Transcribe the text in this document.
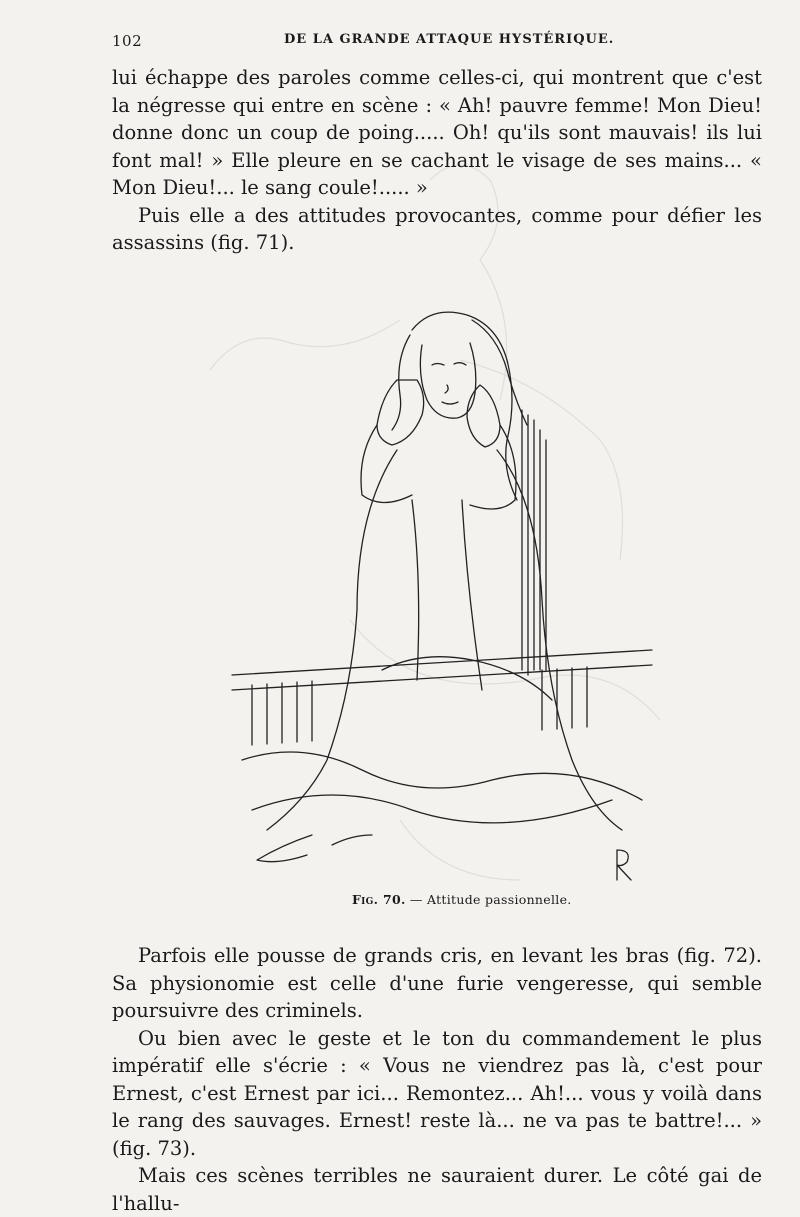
102	DE LA GRANDE ATTAQUE HYSTÉRIQUE.

lui échappe des paroles comme celles-ci, qui montrent que c'est la négresse qui entre en scène : « Ah! pauvre femme! Mon Dieu! donne donc un coup de poing..... Oh! qu'ils sont mauvais! ils lui font mal! » Elle pleure en se cachant le visage de ses mains... « Mon Dieu!... le sang coule!..... »

Puis elle a des attitudes provocantes, comme pour défier les assassins (fig. 71).

Fig. 70. — Attitude passionnelle.

Parfois elle pousse de grands cris, en levant les bras (fig. 72). Sa physionomie est celle d'une furie vengeresse, qui semble poursuivre des criminels.

Ou bien avec le geste et le ton du commandement le plus impératif elle s'écrie : « Vous ne viendrez pas là, c'est pour Ernest, c'est Ernest par ici... Remontez... Ah!... vous y voilà dans le rang des sauvages. Ernest! reste là... ne va pas te battre!... » (fig. 73).

Mais ces scènes terribles ne sauraient durer. Le côté gai de l'hallu-
